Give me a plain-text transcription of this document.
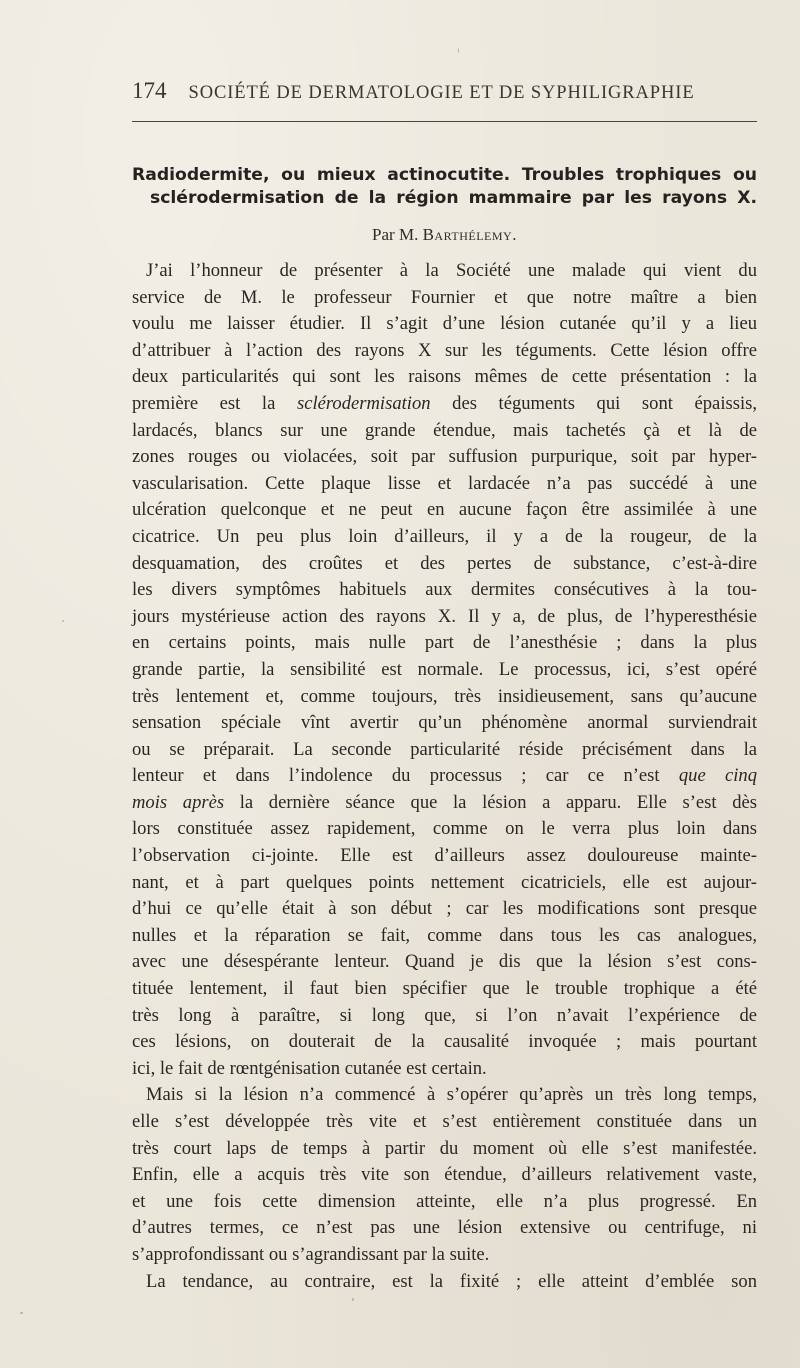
174 SOCIÉTÉ DE DERMATOLOGIE ET DE SYPHILIGRAPHIE
Radiodermite, ou mieux actinocutite. Troubles trophiques ou
sclérodermisation de la région mammaire par les rayons X.
Par M. Barthélemy.
J’ai l’honneur de présenter à la Société une malade qui vient du
service de M. le professeur Fournier et que notre maître a bien
voulu me laisser étudier. Il s’agit d’une lésion cutanée qu’il y a lieu
d’attribuer à l’action des rayons X sur les téguments. Cette lésion offre
deux particularités qui sont les raisons mêmes de cette présentation : la
première est la sclérodermisation des téguments qui sont épaissis,
lardacés, blancs sur une grande étendue, mais tachetés çà et là de
zones rouges ou violacées, soit par suffusion purpurique, soit par hyper-
vascularisation. Cette plaque lisse et lardacée n’a pas succédé à une
ulcération quelconque et ne peut en aucune façon être assimilée à une
cicatrice. Un peu plus loin d’ailleurs, il y a de la rougeur, de la
desquamation, des croûtes et des pertes de substance, c’est-à-dire
les divers symptômes habituels aux dermites consécutives à la tou-
jours mystérieuse action des rayons X. Il y a, de plus, de l’hyperesthésie
en certains points, mais nulle part de l’anesthésie ; dans la plus
grande partie, la sensibilité est normale. Le processus, ici, s’est opéré
très lentement et, comme toujours, très insidieusement, sans qu’aucune
sensation spéciale vînt avertir qu’un phénomène anormal surviendrait
ou se préparait. La seconde particularité réside précisément dans la
lenteur et dans l’indolence du processus ; car ce n’est que cinq
mois après la dernière séance que la lésion a apparu. Elle s’est dès
lors constituée assez rapidement, comme on le verra plus loin dans
l’observation ci-jointe. Elle est d’ailleurs assez douloureuse mainte-
nant, et à part quelques points nettement cicatriciels, elle est aujour-
d’hui ce qu’elle était à son début ; car les modifications sont presque
nulles et la réparation se fait, comme dans tous les cas analogues,
avec une désespérante lenteur. Quand je dis que la lésion s’est cons-
tituée lentement, il faut bien spécifier que le trouble trophique a été
très long à paraître, si long que, si l’on n’avait l’expérience de
ces lésions, on douterait de la causalité invoquée ; mais pourtant
ici, le fait de rœntgénisation cutanée est certain.
Mais si la lésion n’a commencé à s’opérer qu’après un très long temps,
elle s’est développée très vite et s’est entièrement constituée dans un
très court laps de temps à partir du moment où elle s’est manifestée.
Enfin, elle a acquis très vite son étendue, d’ailleurs relativement vaste,
et une fois cette dimension atteinte, elle n’a plus progressé. En
d’autres termes, ce n’est pas une lésion extensive ou centrifuge, ni
s’approfondissant ou s’agrandissant par la suite.
La tendance, au contraire, est la fixité ; elle atteint d’emblée son
